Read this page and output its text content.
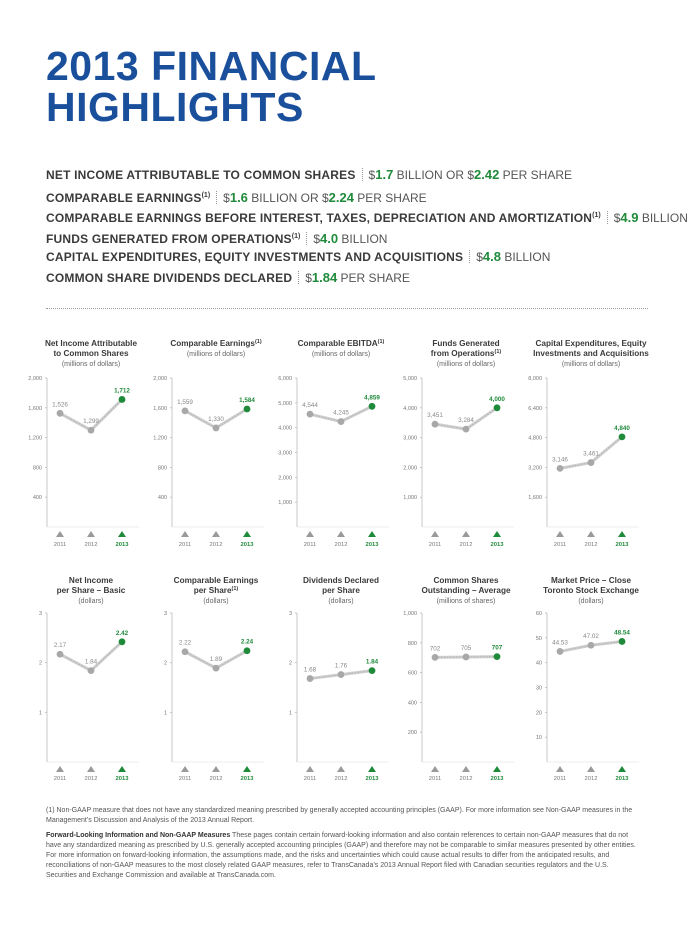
2013 FINANCIAL
HIGHLIGHTS
NET INCOME ATTRIBUTABLE TO COMMON SHARES $1.7 BILLION OR $2.42 PER SHARE
COMPARABLE EARNINGS$^{(1)}$ $1.6 BILLION OR $2.24 PER SHARE
COMPARABLE EARNINGS BEFORE INTEREST, TAXES, DEPRECIATION AND AMORTIZATION$^{(1)}$ $4.9 BILLION
FUNDS GENERATED FROM OPERATIONS$^{(1)}$ $4.0 BILLION
CAPITAL EXPENDITURES, EQUITY INVESTMENTS AND ACQUISITIONS $4.8 BILLION
COMMON SHARE DIVIDENDS DECLARED $1.84 PER SHARE
Net Income Attributable
to Common Shares
(millions of dollars)
400
800
1,200
1,600
2,000
1,526
1,299
1,712
2011	2012	2013
Comparable Earnings$^{(1)}$
(millions of dollars)
400
800
1,200
1,600
2,000
1,559
1,330
1,584
2011	2012	2013
Comparable EBITDA$^{(1)}$
(millions of dollars)
1,000
2,000
3,000
4,000
5,000
6,000
4,544
4,245
4,859
2011	2012	2013
Funds Generated
from Operations$^{(1)}$
(millions of dollars)
1,000
2,000
3,000
4,000
5,000
3,451
3,284
4,000
2011	2012	2013
Capital Expenditures, Equity
Investments and Acquisitions
(millions of dollars)
1,600
3,200
4,800
6,400
8,000
3,146
3,461
4,840
2011	2012	2013
Net Income
per Share – Basic
(dollars)
1
2
3
2.17
1.84
2.42
2011	2012	2013
Comparable Earnings
per Share$^{(1)}$
(dollars)
1
2
3
2.22
1.89
2.24
2011	2012	2013
Dividends Declared
per Share
(dollars)
1
2
3
1.68
1.76
1.84
2011	2012	2013
Common Shares
Outstanding – Average
(millions of shares)
200
400
600
800
1,000
702	705	707
2011	2012	2013
Market Price – Close
Toronto Stock Exchange
(dollars)
10
20
30
40
50
60
44.53
47.02
48.54
2011	2012	2013

(1) Non-GAAP measure that does not have any standardized meaning prescribed by generally accepted accounting principles (GAAP). For more information see Non-GAAP measures in the Management’s Discussion and Analysis of the 2013 Annual Report.

Forward-Looking Information and Non-GAAP Measures These pages contain certain forward-looking information and also contain references to certain non-GAAP measures that do not have any standardized meaning as prescribed by U.S. generally accepted accounting principles (GAAP) and therefore may not be comparable to similar measures presented by other entities. For more information on forward-looking information, the assumptions made, and the risks and uncertainties which could cause actual results to differ from the anticipated results, and reconciliations of non-GAAP measures to the most closely related GAAP measures, refer to TransCanada’s 2013 Annual Report filed with Canadian securities regulators and the U.S. Securities and Exchange Commission and available at TransCanada.com.
